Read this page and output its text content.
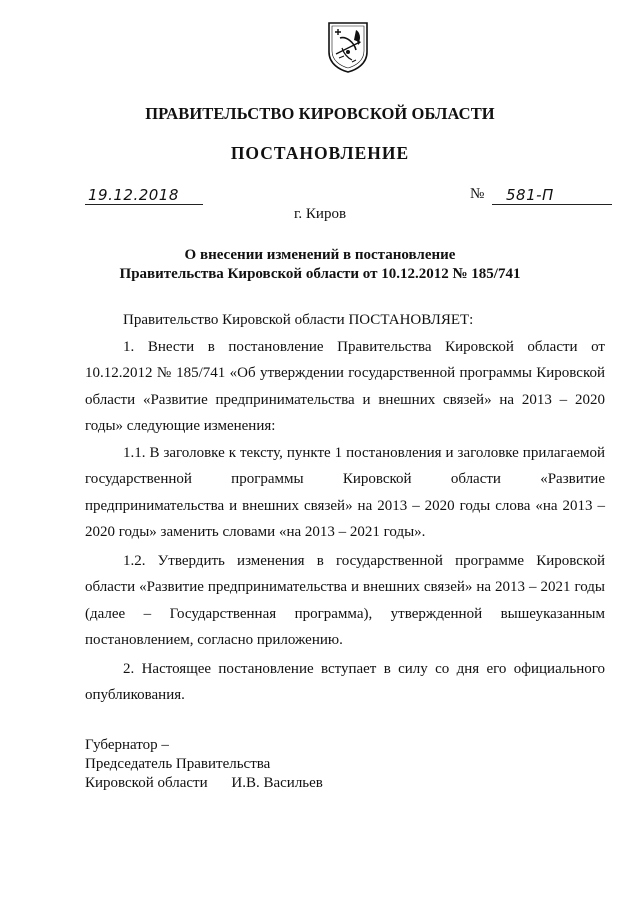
ПРАВИТЕЛЬСТВО КИРОВСКОЙ ОБЛАСТИ
ПОСТАНОВЛЕНИЕ
19.12.2018	№ 581-П
г. Киров
О внесении изменений в постановление
Правительства Кировской области от 10.12.2012 № 185/741

Правительство Кировской области ПОСТАНОВЛЯЕТ:

1. Внести в постановление Правительства Кировской области от 10.12.2012 № 185/741 «Об утверждении государственной программы Кировской области «Развитие предпринимательства и внешних связей» на 2013 – 2020 годы» следующие изменения:

1.1. В заголовке к тексту, пункте 1 постановления и заголовке прилагаемой государственной программы Кировской области «Развитие предпринимательства и внешних связей» на 2013 – 2020 годы слова «на 2013 – 2020 годы» заменить словами «на 2013 – 2021 годы».

1.2. Утвердить изменения в государственной программе Кировской области «Развитие предпринимательства и внешних связей» на 2013 – 2021 годы (далее – Государственная программа), утвержденной вышеуказанным постановлением, согласно приложению.

2. Настоящее постановление вступает в силу со дня его официального опубликования.

Губернатор –
Председатель Правительства
Кировской области И.В. Васильев
